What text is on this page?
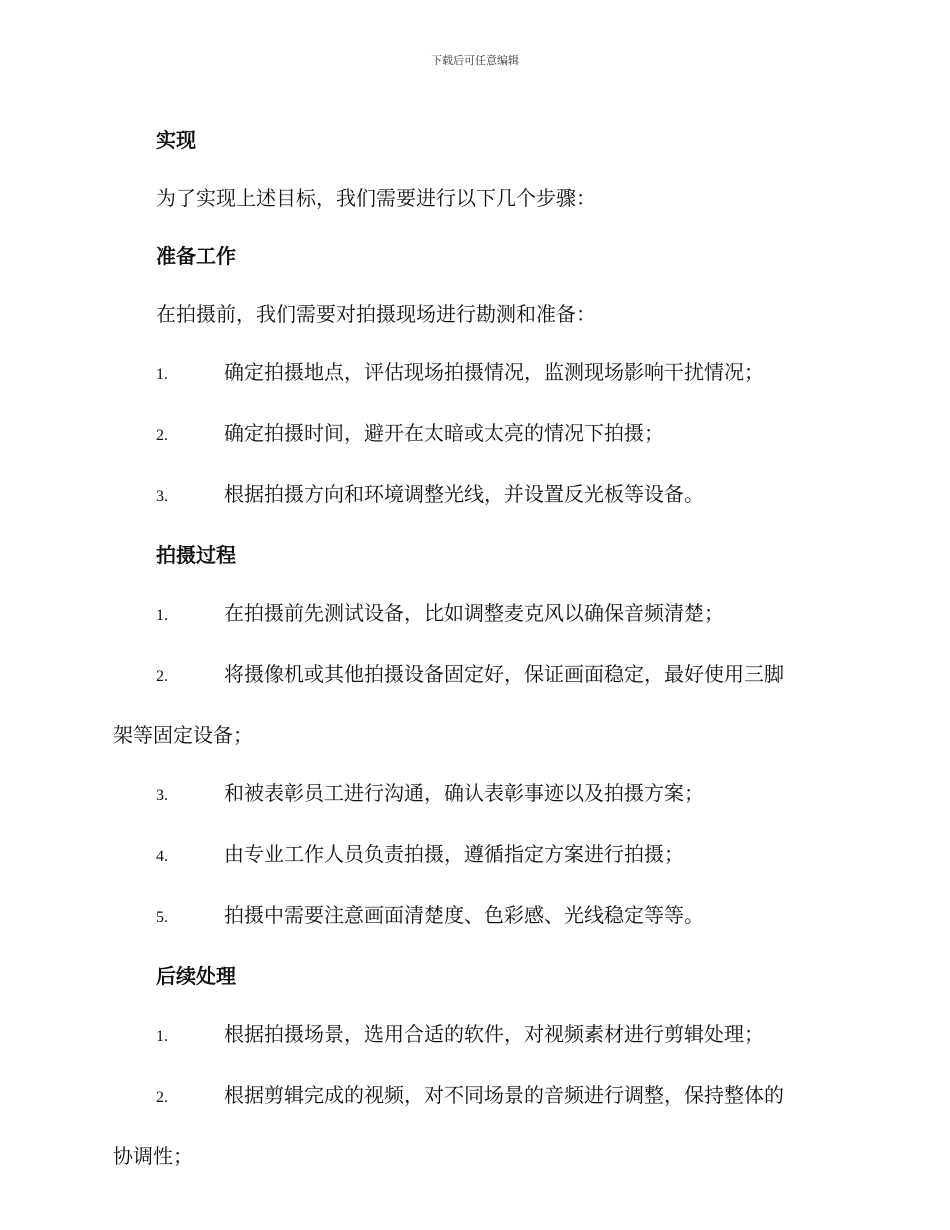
下载后可任意编辑
实现
为了实现上述目标，我们需要进行以下几个步骤：
准备工作
在拍摄前，我们需要对拍摄现场进行勘测和准备：
1.	确定拍摄地点，评估现场拍摄情况，监测现场影响干扰情况；
2.	确定拍摄时间，避开在太暗或太亮的情况下拍摄；
3.	根据拍摄方向和环境调整光线，并设置反光板等设备。
拍摄过程
1.	在拍摄前先测试设备，比如调整麦克风以确保音频清楚；
2.	将摄像机或其他拍摄设备固定好，保证画面稳定，最好使用三脚
架等固定设备；
3.	和被表彰员工进行沟通，确认表彰事迹以及拍摄方案；
4.	由专业工作人员负责拍摄，遵循指定方案进行拍摄；
5.	拍摄中需要注意画面清楚度、色彩感、光线稳定等等。
后续处理
1.	根据拍摄场景，选用合适的软件，对视频素材进行剪辑处理；
2.	根据剪辑完成的视频，对不同场景的音频进行调整，保持整体的
协调性；
